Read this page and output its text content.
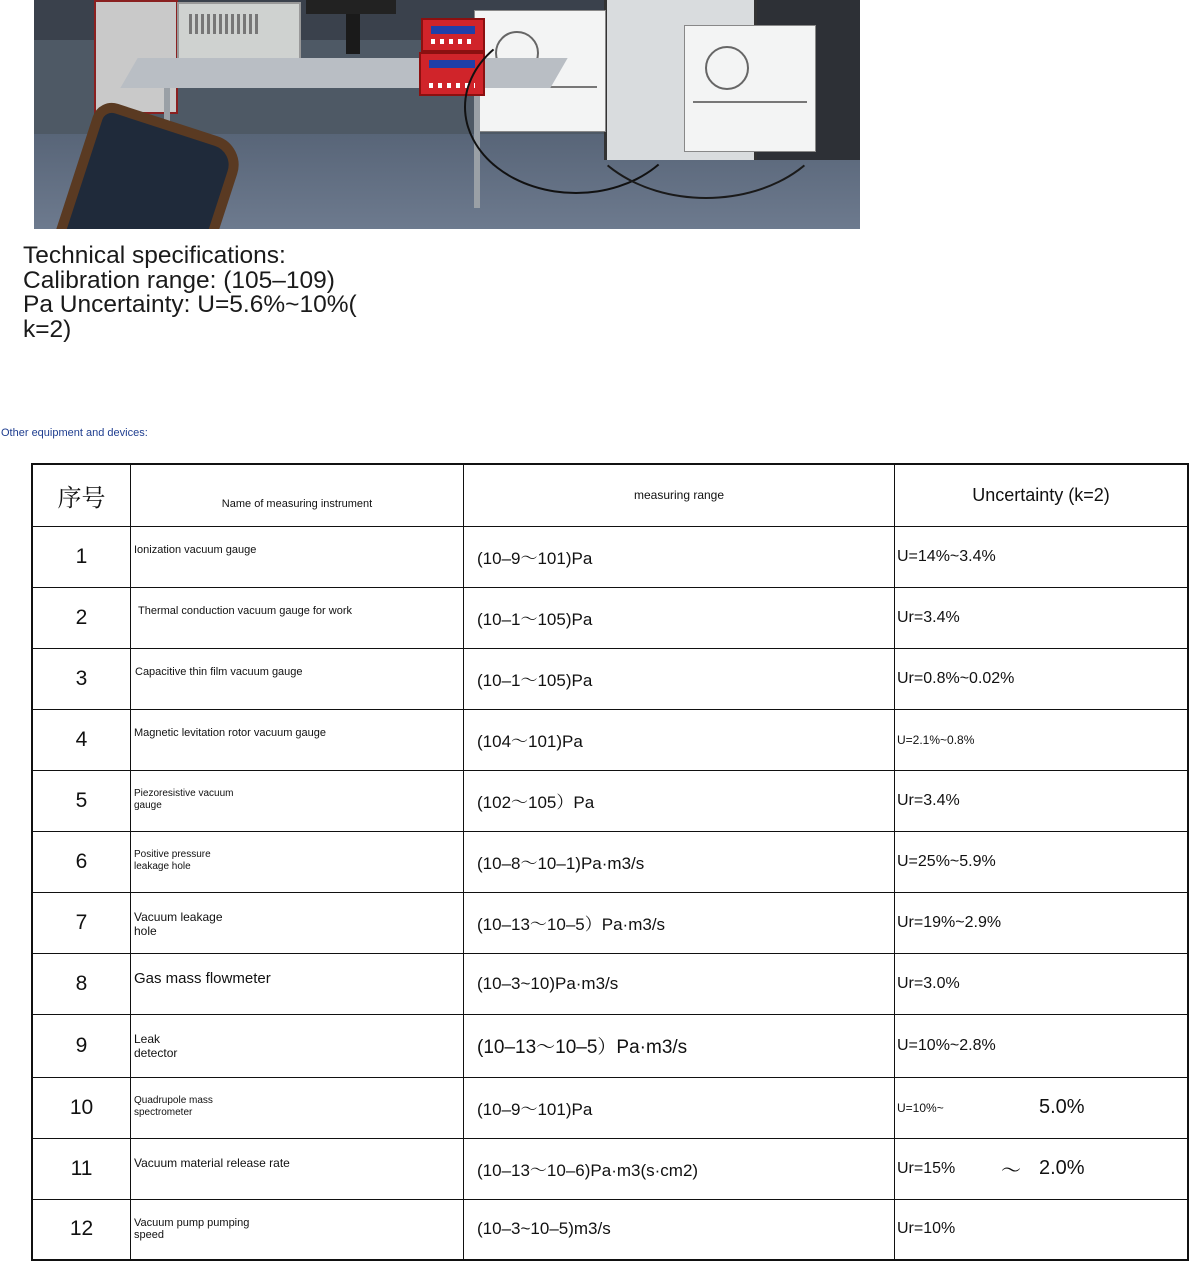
Technical specifications:
Calibration range: (105–109)
Pa Uncertainty: U=5.6%~10%(
k=2)
Other equipment and devices:
序号	Name of measuring instrument	measuring range	Uncertainty (k=2)
1	Ionization vacuum gauge	(10–9～101)Pa	U=14%~3.4%
2	Thermal conduction vacuum gauge for work	(10–1～105)Pa	Ur=3.4%
3	Capacitive thin film vacuum gauge	(10–1～105)Pa	Ur=0.8%~0.02%
4	Magnetic levitation rotor vacuum gauge	(104～101)Pa	U=2.1%~0.8%
5	Piezoresistive vacuum gauge	(102～105）Pa	Ur=3.4%
6	Positive pressure leakage hole	(10–8～10–1)Pa·m3/s	U=25%~5.9%
7	Vacuum leakage hole	(10–13～10–5）Pa·m3/s	Ur=19%~2.9%
8	Gas mass flowmeter	(10–3~10)Pa·m3/s	Ur=3.0%
9	Leak detector	(10–13～10–5）Pa·m3/s	U=10%~2.8%
10	Quadrupole mass spectrometer	(10–9～101)Pa	U=10%~ 5.0%

11	Vacuum material release rate	(10–13～10–6)Pa·m3(s·cm2)	Ur=15% ～ 2.0%

12	Vacuum pump pumping speed	(10–3~10–5)m3/s	Ur=10%
